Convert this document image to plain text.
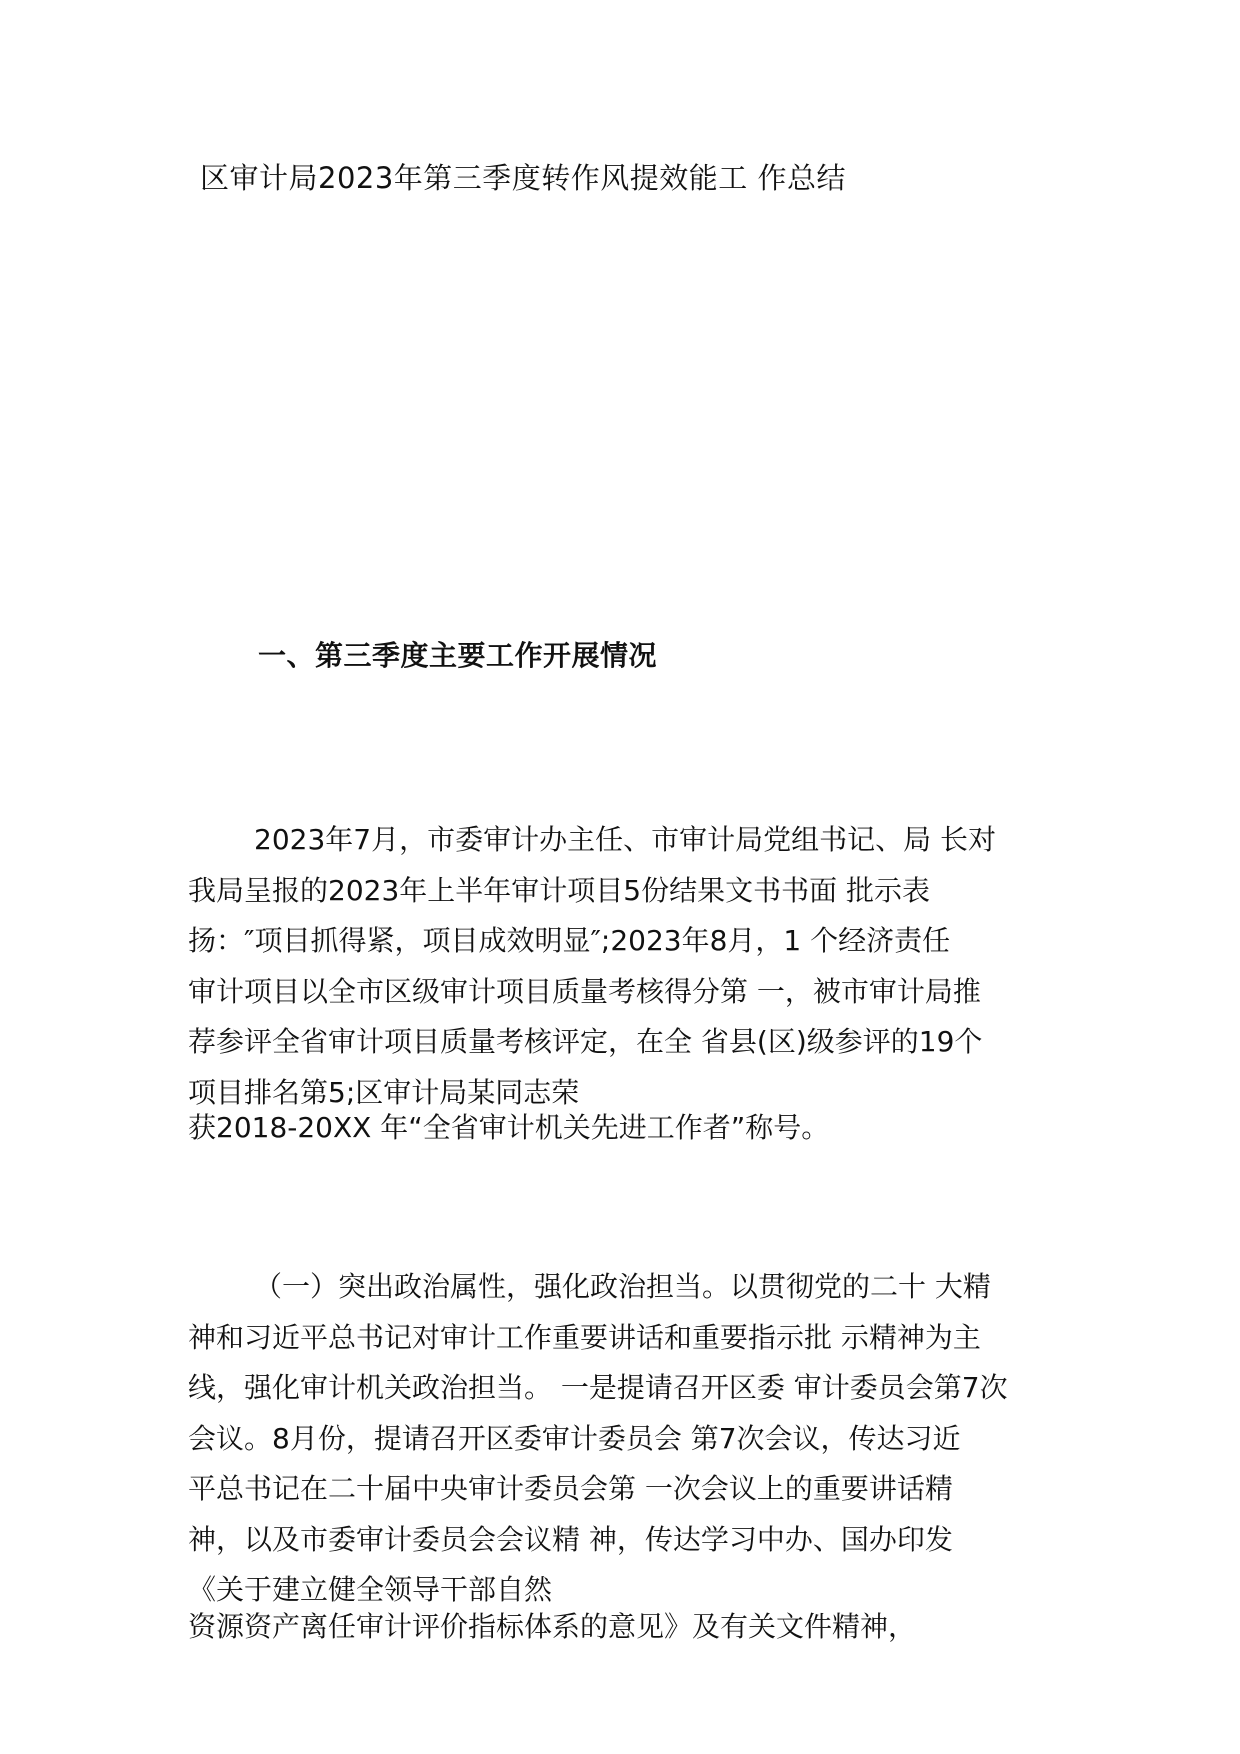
区审计局2023年第三季度转作风提效能工 作总结
一、第三季度主要工作开展情况
2023年7月，市委审计办主任、市审计局党组书记、局 长对
我局呈报的2023年上半年审计项目5份结果文书书面 批示表
扬：″项目抓得紧，项目成效明显″;2023年8月，1 个经济责任
审计项目以全市区级审计项目质量考核得分第 一，被市审计局推
荐参评全省审计项目质量考核评定，在全 省县(区)级参评的19个
项目排名第5;区审计局某同志荣
获2018-20XX 年“全省审计机关先进工作者”称号。
（一）突出政治属性，强化政治担当。以贯彻党的二十 大精
神和习近平总书记对审计工作重要讲话和重要指示批 示精神为主
线，强化审计机关政治担当。 一是提请召开区委 审计委员会第7次
会议。8月份，提请召开区委审计委员会 第7次会议，传达习近
平总书记在二十届中央审计委员会第 一次会议上的重要讲话精
神，以及市委审计委员会会议精 神，传达学习中办、国办印发
《关于建立健全领导干部自然
资源资产离任审计评价指标体系的意见》及有关文件精神，
